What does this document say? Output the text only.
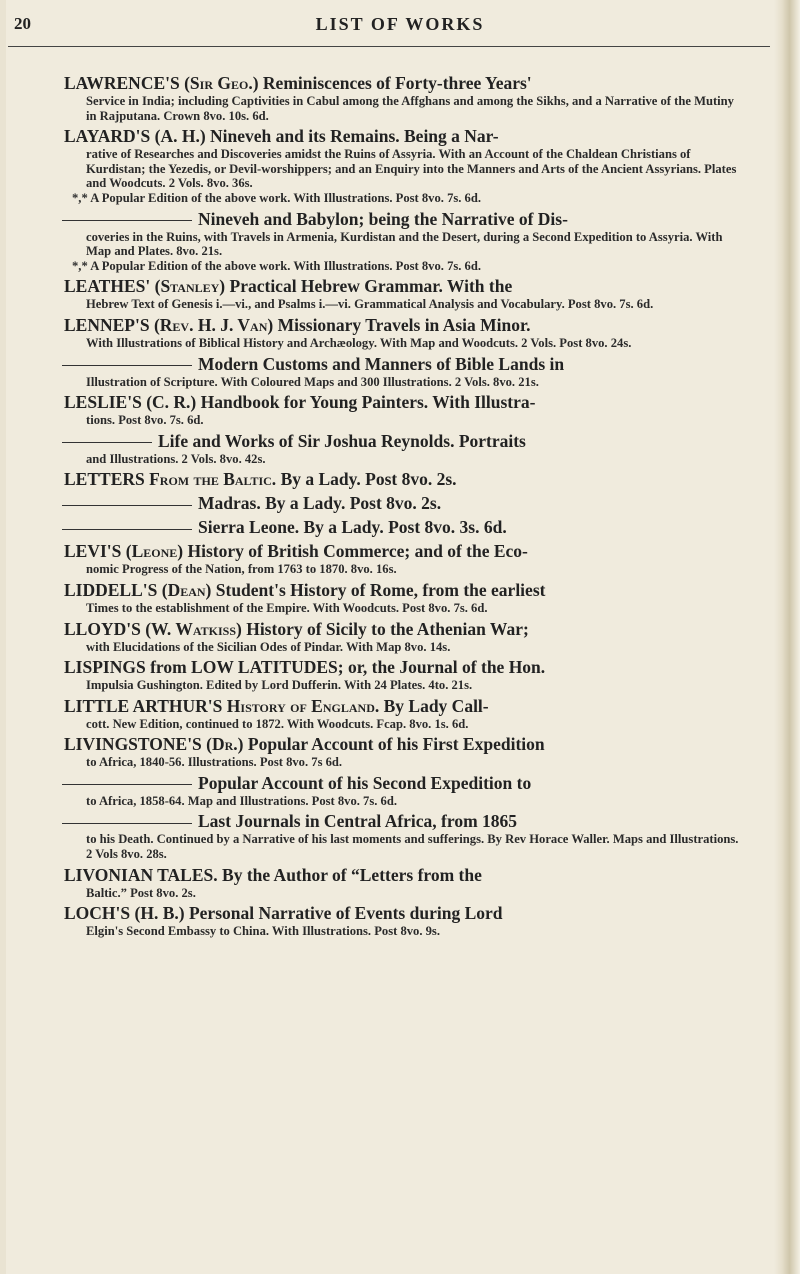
20	LIST OF WORKS
LAWRENCE'S (Sir Geo.) Reminiscences of Forty-three Years'
Service in India; including Captivities in Cabul among the Affghans and among the Sikhs, and a Narrative of the Mutiny in Rajputana. Crown 8vo. 10s. 6d.
LAYARD'S (A. H.) Nineveh and its Remains. Being a Nar-
rative of Researches and Discoveries amidst the Ruins of Assyria. With an Account of the Chaldean Christians of Kurdistan; the Yezedis, or Devil-worshippers; and an Enquiry into the Manners and Arts of the Ancient Assyrians. Plates and Woodcuts. 2 Vols. 8vo. 36s.
*,* A Popular Edition of the above work. With Illustrations. Post 8vo. 7s. 6d.
Nineveh and Babylon; being the Narrative of Dis-
coveries in the Ruins, with Travels in Armenia, Kurdistan and the Desert, during a Second Expedition to Assyria. With Map and Plates. 8vo. 21s.
*,* A Popular Edition of the above work. With Illustrations. Post 8vo. 7s. 6d.
LEATHES' (Stanley) Practical Hebrew Grammar. With the
Hebrew Text of Genesis i.—vi., and Psalms i.—vi. Grammatical Analysis and Vocabulary. Post 8vo. 7s. 6d.
LENNEP'S (Rev. H. J. Van) Missionary Travels in Asia Minor.
With Illustrations of Biblical History and Archæology. With Map and Woodcuts. 2 Vols. Post 8vo. 24s.
Modern Customs and Manners of Bible Lands in
Illustration of Scripture. With Coloured Maps and 300 Illustrations. 2 Vols. 8vo. 21s.
LESLIE'S (C. R.) Handbook for Young Painters. With Illustra-
tions. Post 8vo. 7s. 6d.
Life and Works of Sir Joshua Reynolds. Portraits
and Illustrations. 2 Vols. 8vo. 42s.
LETTERS From the Baltic. By a Lady. Post 8vo. 2s.
Madras. By a Lady. Post 8vo. 2s.
Sierra Leone. By a Lady. Post 8vo. 3s. 6d.
LEVI'S (Leone) History of British Commerce; and of the Eco-
nomic Progress of the Nation, from 1763 to 1870. 8vo. 16s.
LIDDELL'S (Dean) Student's History of Rome, from the earliest
Times to the establishment of the Empire. With Woodcuts. Post 8vo. 7s. 6d.
LLOYD'S (W. Watkiss) History of Sicily to the Athenian War;
with Elucidations of the Sicilian Odes of Pindar. With Map 8vo. 14s.
LISPINGS from LOW LATITUDES; or, the Journal of the Hon.
Impulsia Gushington. Edited by Lord Dufferin. With 24 Plates. 4to. 21s.
LITTLE ARTHUR'S History of England. By Lady Call-
cott. New Edition, continued to 1872. With Woodcuts. Fcap. 8vo. 1s. 6d.
LIVINGSTONE'S (Dr.) Popular Account of his First Expedition
to Africa, 1840-56. Illustrations. Post 8vo. 7s 6d.
Popular Account of his Second Expedition to
to Africa, 1858-64. Map and Illustrations. Post 8vo. 7s. 6d.
Last Journals in Central Africa, from 1865
to his Death. Continued by a Narrative of his last moments and sufferings. By Rev Horace Waller. Maps and Illustrations. 2 Vols 8vo. 28s.
LIVONIAN TALES. By the Author of “Letters from the
Baltic.” Post 8vo. 2s.
LOCH'S (H. B.) Personal Narrative of Events during Lord
Elgin's Second Embassy to China. With Illustrations. Post 8vo. 9s.
